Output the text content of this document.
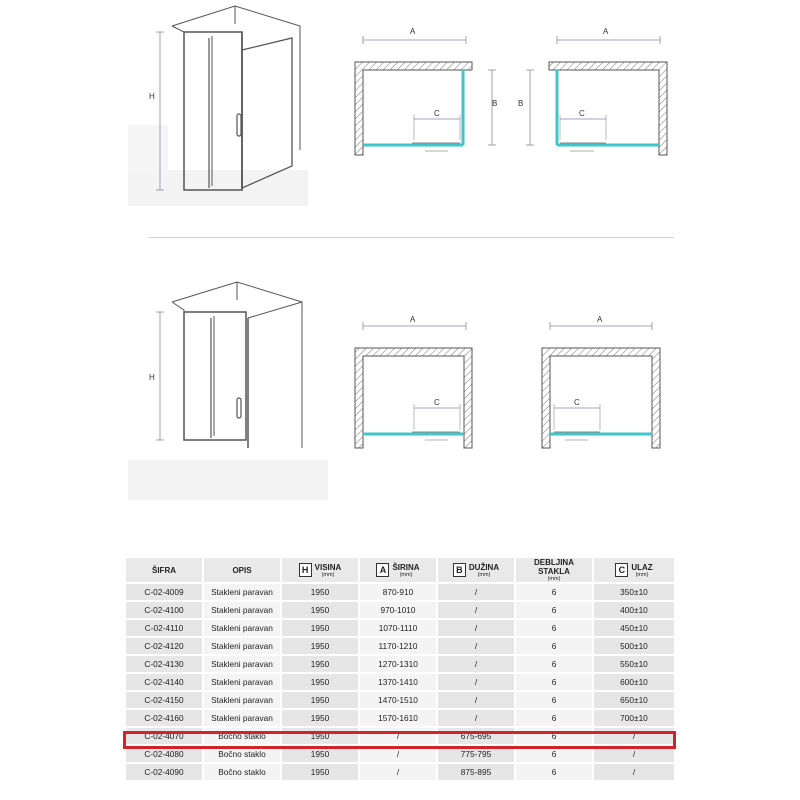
H
A
C
B
A
C
B
H
A
C
A
C
ŠIFRA	OPIS	H VISINA
(mm)	A ŠIRINA
(mm)	B DUŽINA
(mm)	DEBLJINA STAKLA
(mm)	C ULAZ
(mm)

C-02-4009	Stakleni paravan	1950	870-910	/	6	350±10
C-02-4100	Stakleni paravan	1950	970-1010	/	6	400±10
C-02-4110	Stakleni paravan	1950	1070-1110	/	6	450±10
C-02-4120	Stakleni paravan	1950	1170-1210	/	6	500±10
C-02-4130	Stakleni paravan	1950	1270-1310	/	6	550±10
C-02-4140	Stakleni paravan	1950	1370-1410	/	6	600±10
C-02-4150	Stakleni paravan	1950	1470-1510	/	6	650±10
C-02-4160	Stakleni paravan	1950	1570-1610	/	6	700±10
C-02-4070	Bočno staklo	1950	/	675-695	6	/
C-02-4080	Bočno staklo	1950	/	775-795	6	/
C-02-4090	Bočno staklo	1950	/	875-895	6	/
